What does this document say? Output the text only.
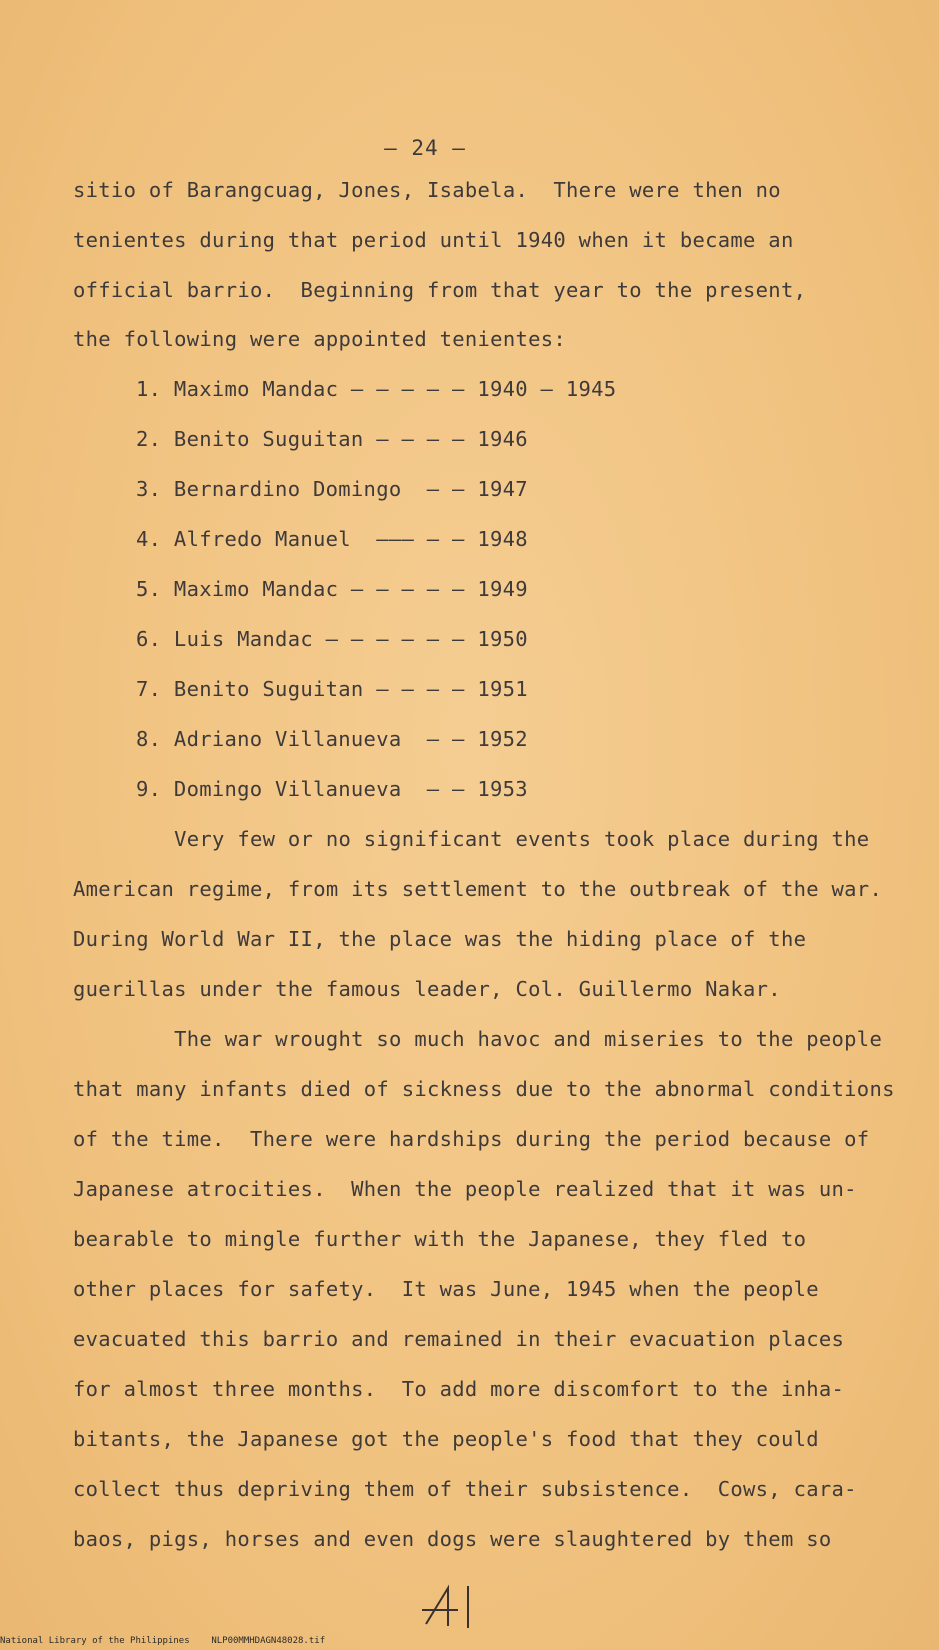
– 24 –
sitio of Barangcuag, Jones, Isabela.  There were then no
tenientes during that period until 1940 when it became an
official barrio.  Beginning from that year to the present,
the following were appointed tenientes:
1. Maximo Mandac – – – – – 1940 – 1945
2. Benito Suguitan – – – – 1946
3. Bernardino Domingo  – – 1947
4. Alfredo Manuel  ––– – – 1948
5. Maximo Mandac – – – – – 1949
6. Luis Mandac – – – – – – 1950
7. Benito Suguitan – – – – 1951
8. Adriano Villanueva  – – 1952
9. Domingo Villanueva  – – 1953
Very few or no significant events took place during the
American regime, from its settlement to the outbreak of the war.
During World War II, the place was the hiding place of the
guerillas under the famous leader, Col. Guillermo Nakar.
The war wrought so much havoc and miseries to the people
that many infants died of sickness due to the abnormal conditions
of the time.  There were hardships during the period because of
Japanese atrocities.  When the people realized that it was un-
bearable to mingle further with the Japanese, they fled to
other places for safety.  It was June, 1945 when the people
evacuated this barrio and remained in their evacuation places
for almost three months.  To add more discomfort to the inha-
bitants, the Japanese got the people's food that they could
collect thus depriving them of their subsistence.  Cows, cara-
baos, pigs, horses and even dogs were slaughtered by them so
National Library of the Philippines    NLP00MMHDAGN48028.tif
